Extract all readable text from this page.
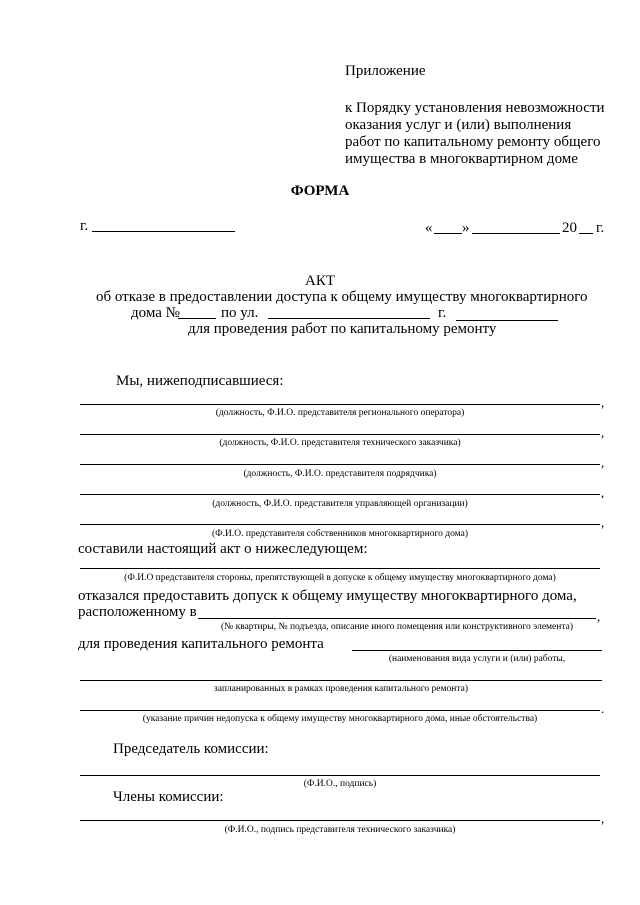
Приложение
к Порядку установления невозможности
оказания услуг и (или) выполнения
работ по капитальному ремонту общего
имущества в многоквартирном доме
ФОРМА
г.	« »	20 г.
АКТ
об отказе в предоставлении доступа к общему имуществу многоквартирного
дома №	по ул.	г.
для проведения работ по капитальному ремонту
Мы, нижеподписавшиеся:
,
(должность, Ф.И.О. представителя регионального оператора)
,
(должность, Ф.И.О. представителя технического заказчика)
,
(должность, Ф.И.О. представителя подрядчика)
,
(должность, Ф.И.О. представителя управляющей организации)
,
(Ф.И.О. представителя собственников многоквартирного дома)
составили настоящий акт о нижеследующем:
(Ф.И.О представителя стороны, препятствующей в допуске к общему имуществу многоквартирного дома)
отказался предоставить допуск к общему имуществу многоквартирного дома,
расположенному в	,
(№ квартиры, № подъезда, описание иного помещения или конструктивного элемента)
для проведения капитального ремонта
(наименования вида услуги и (или) работы,
запланированных в рамках проведения капитального ремонта)
.
(указание причин недопуска к общему имуществу многоквартирного дома, иные обстоятельства)
Председатель комиссии:
(Ф.И.О., подпись)
Члены комиссии:
,
(Ф.И.О., подпись представителя технического заказчика)
